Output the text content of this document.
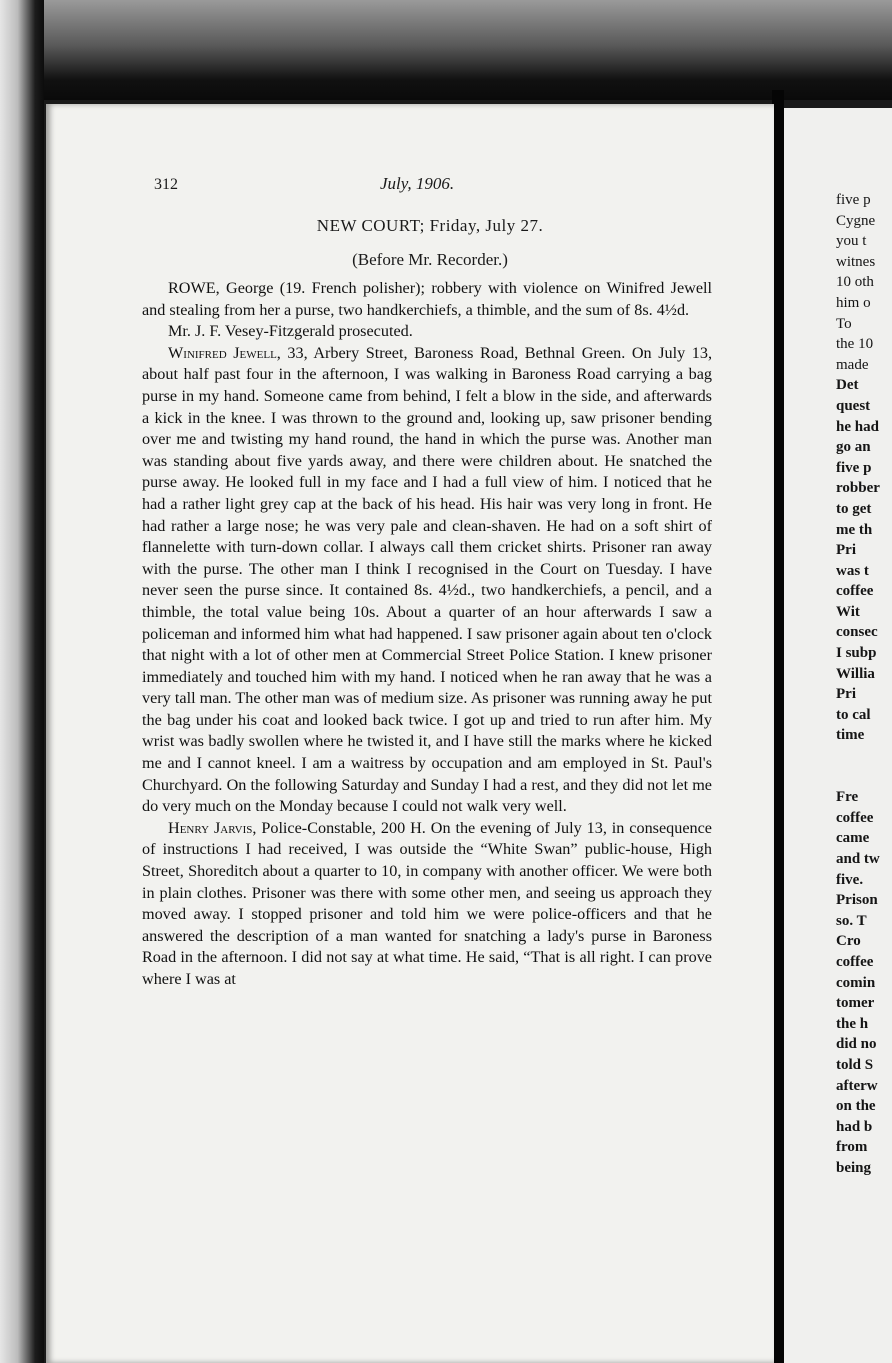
312	July, 1906.
NEW COURT; Friday, July 27.
(Before Mr. Recorder.)

ROWE, George (19. French polisher); robbery with violence on Winifred Jewell and stealing from her a purse, two handkerchiefs, a thimble, and the sum of 8s. 4½d.

Mr. J. F. Vesey-Fitzgerald prosecuted.

Winifred Jewell, 33, Arbery Street, Baroness Road, Bethnal Green. On July 13, about half past four in the afternoon, I was walking in Baroness Road carrying a bag purse in my hand. Someone came from behind, I felt a blow in the side, and afterwards a kick in the knee. I was thrown to the ground and, looking up, saw prisoner bending over me and twisting my hand round, the hand in which the purse was. Another man was standing about five yards away, and there were children about. He snatched the purse away. He looked full in my face and I had a full view of him. I noticed that he had a rather light grey cap at the back of his head. His hair was very long in front. He had rather a large nose; he was very pale and clean-shaven. He had on a soft shirt of flannelette with turn-down collar. I always call them cricket shirts. Prisoner ran away with the purse. The other man I think I recognised in the Court on Tuesday. I have never seen the purse since. It contained 8s. 4½d., two handkerchiefs, a pencil, and a thimble, the total value being 10s. About a quarter of an hour afterwards I saw a policeman and informed him what had happened. I saw prisoner again about ten o'clock that night with a lot of other men at Commercial Street Police Station. I knew prisoner immediately and touched him with my hand. I noticed when he ran away that he was a very tall man. The other man was of medium size. As prisoner was running away he put the bag under his coat and looked back twice. I got up and tried to run after him. My wrist was badly swollen where he twisted it, and I have still the marks where he kicked me and I cannot kneel. I am a waitress by occupation and am employed in St. Paul's Churchyard. On the following Saturday and Sunday I had a rest, and they did not let me do very much on the Monday because I could not walk very well.

Henry Jarvis, Police-Constable, 200 H. On the evening of July 13, in consequence of instructions I had received, I was outside the “White Swan” public-house, High Street, Shoreditch about a quarter to 10, in company with another officer. We were both in plain clothes. Prisoner was there with some other men, and seeing us approach they moved away. I stopped prisoner and told him we were police-officers and that he answered the description of a man wanted for snatching a lady's purse in Baroness Road in the afternoon. I did not say at what time. He said, “That is all right. I can prove where I was at

five p
Cygne
you t
witnes
10 oth
him o
To
the 10
made
Det
quest
he had
go an
five p
robber
to get
me th
Pri
was t
coffee
Wit
consec
I subp
Willia
Pri
to cal
time
Fre
coffee
came
and tw
five.
Prison
so. T
Cro
coffee
comin
tomer
the h
did no
told S
afterw
on the
had b
from
being
